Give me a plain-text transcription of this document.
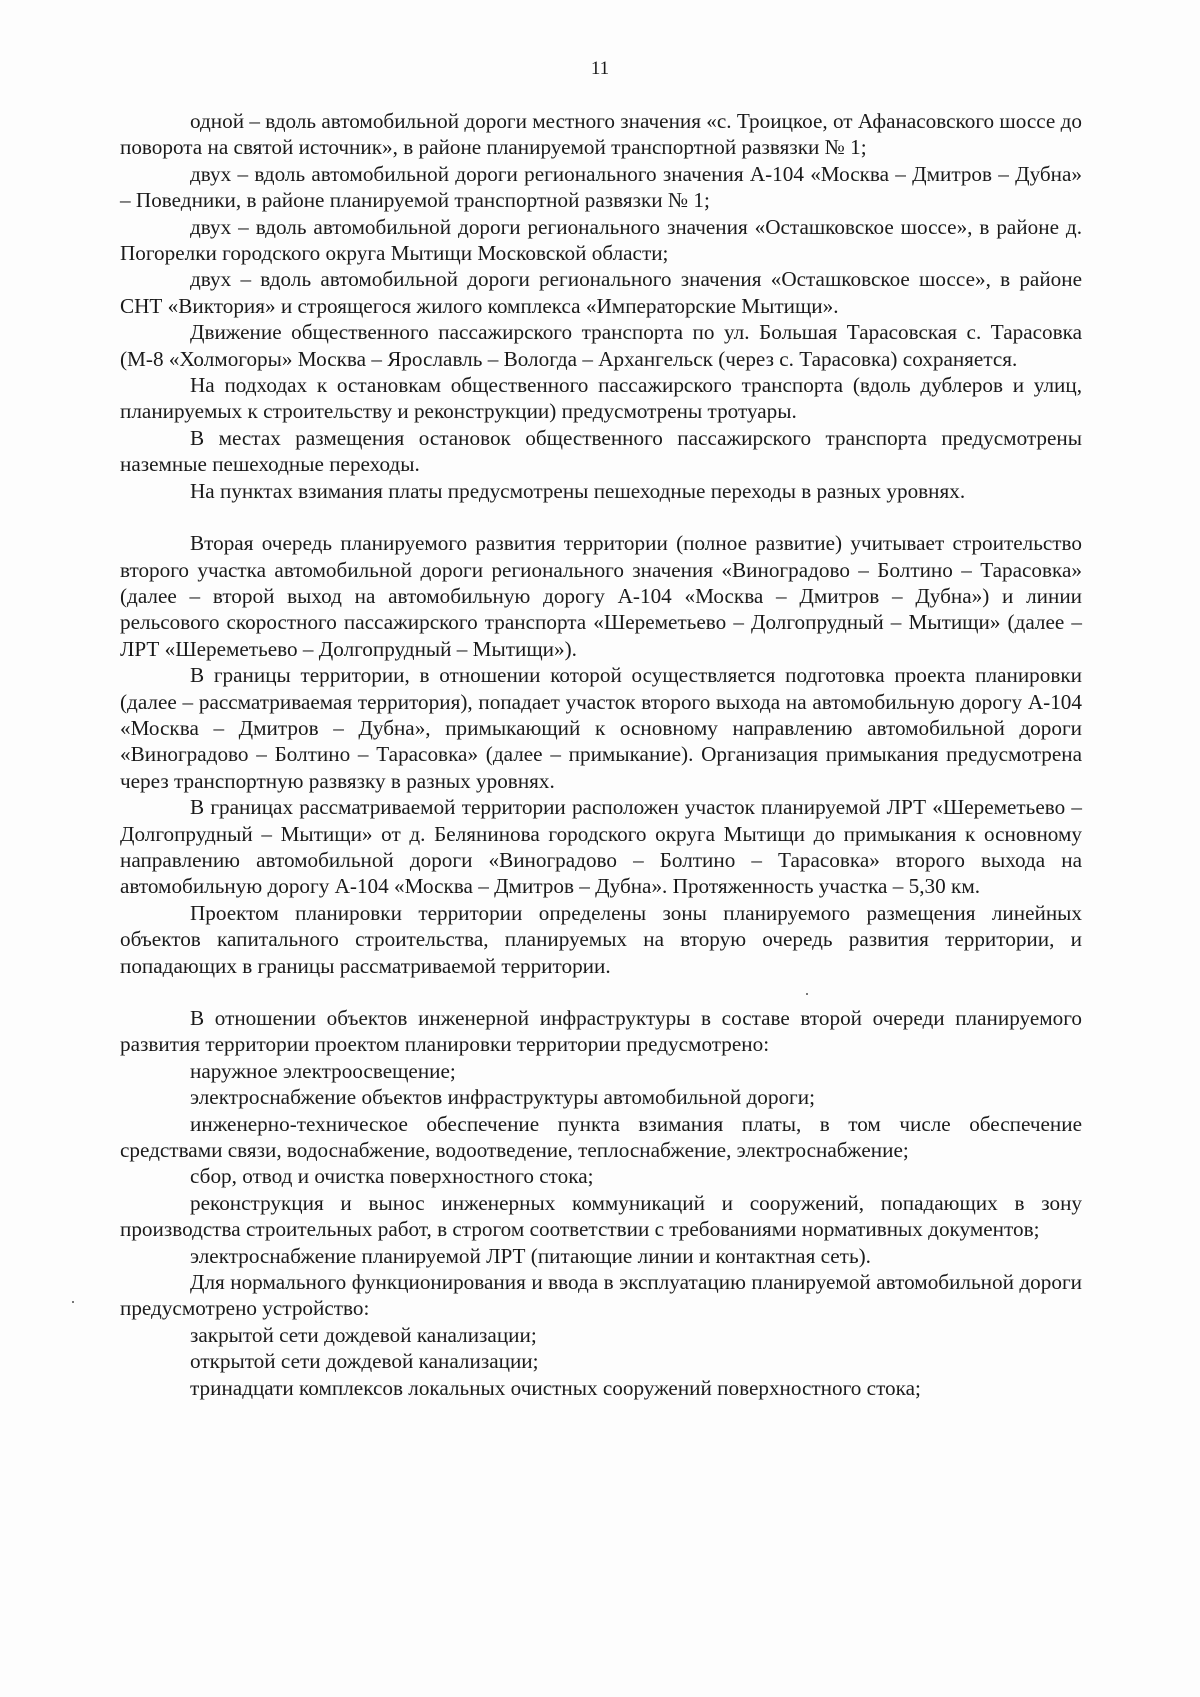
11

одной – вдоль автомобильной дороги местного значения «с. Троицкое, от Афанасовского шоссе до поворота на святой источник», в районе планируемой транспортной развязки № 1;

двух – вдоль автомобильной дороги регионального значения А-104 «Москва – Дмитров – Дубна» – Поведники, в районе планируемой транспортной развязки № 1;

двух – вдоль автомобильной дороги регионального значения «Осташковское шоссе», в районе д. Погорелки городского округа Мытищи Московской области;

двух – вдоль автомобильной дороги регионального значения «Осташковское шоссе», в районе СНТ «Виктория» и строящегося жилого комплекса «Императорские Мытищи».

Движение общественного пассажирского транспорта по ул. Большая Тарасовская с. Тарасовка (М-8 «Холмогоры» Москва – Ярославль – Вологда – Архангельск (через с. Тарасовка) сохраняется.

На подходах к остановкам общественного пассажирского транспорта (вдоль дублеров и улиц, планируемых к строительству и реконструкции) предусмотрены тротуары.

В местах размещения остановок общественного пассажирского транспорта предусмотрены наземные пешеходные переходы.

На пунктах взимания платы предусмотрены пешеходные переходы в разных уровнях.

Вторая очередь планируемого развития территории (полное развитие) учитывает строительство второго участка автомобильной дороги регионального значения «Виноградово – Болтино – Тарасовка» (далее – второй выход на автомобильную дорогу А-104 «Москва – Дмитров – Дубна») и линии рельсового скоростного пассажирского транспорта «Шереметьево – Долгопрудный – Мытищи» (далее – ЛРТ «Шереметьево – Долгопрудный – Мытищи»).

В границы территории, в отношении которой осуществляется подготовка проекта планировки (далее – рассматриваемая территория), попадает участок второго выхода на автомобильную дорогу А-104 «Москва – Дмитров – Дубна», примыкающий к основному направлению автомобильной дороги «Виноградово – Болтино – Тарасовка» (далее – примыкание). Организация примыкания предусмотрена через транспортную развязку в разных уровнях.

В границах рассматриваемой территории расположен участок планируемой ЛРТ «Шереметьево – Долгопрудный – Мытищи» от д. Белянинова городского округа Мытищи до примыкания к основному направлению автомобильной дороги «Виноградово – Болтино – Тарасовка» второго выхода на автомобильную дорогу А-104 «Москва – Дмитров – Дубна». Протяженность участка – 5,30 км.

Проектом планировки территории определены зоны планируемого размещения линейных объектов капитального строительства, планируемых на вторую очередь развития территории, и попадающих в границы рассматриваемой территории.

В отношении объектов инженерной инфраструктуры в составе второй очереди планируемого развития территории проектом планировки территории предусмотрено:

наружное электроосвещение;

электроснабжение объектов инфраструктуры автомобильной дороги;

инженерно-техническое обеспечение пункта взимания платы, в том числе обеспечение средствами связи, водоснабжение, водоотведение, теплоснабжение, электроснабжение;

сбор, отвод и очистка поверхностного стока;

реконструкция и вынос инженерных коммуникаций и сооружений, попадающих в зону производства строительных работ, в строгом соответствии с требованиями нормативных документов;

электроснабжение планируемой ЛРТ (питающие линии и контактная сеть).

Для нормального функционирования и ввода в эксплуатацию планируемой автомобильной дороги предусмотрено устройство:

закрытой сети дождевой канализации;

открытой сети дождевой канализации;

тринадцати комплексов локальных очистных сооружений поверхностного стока;
